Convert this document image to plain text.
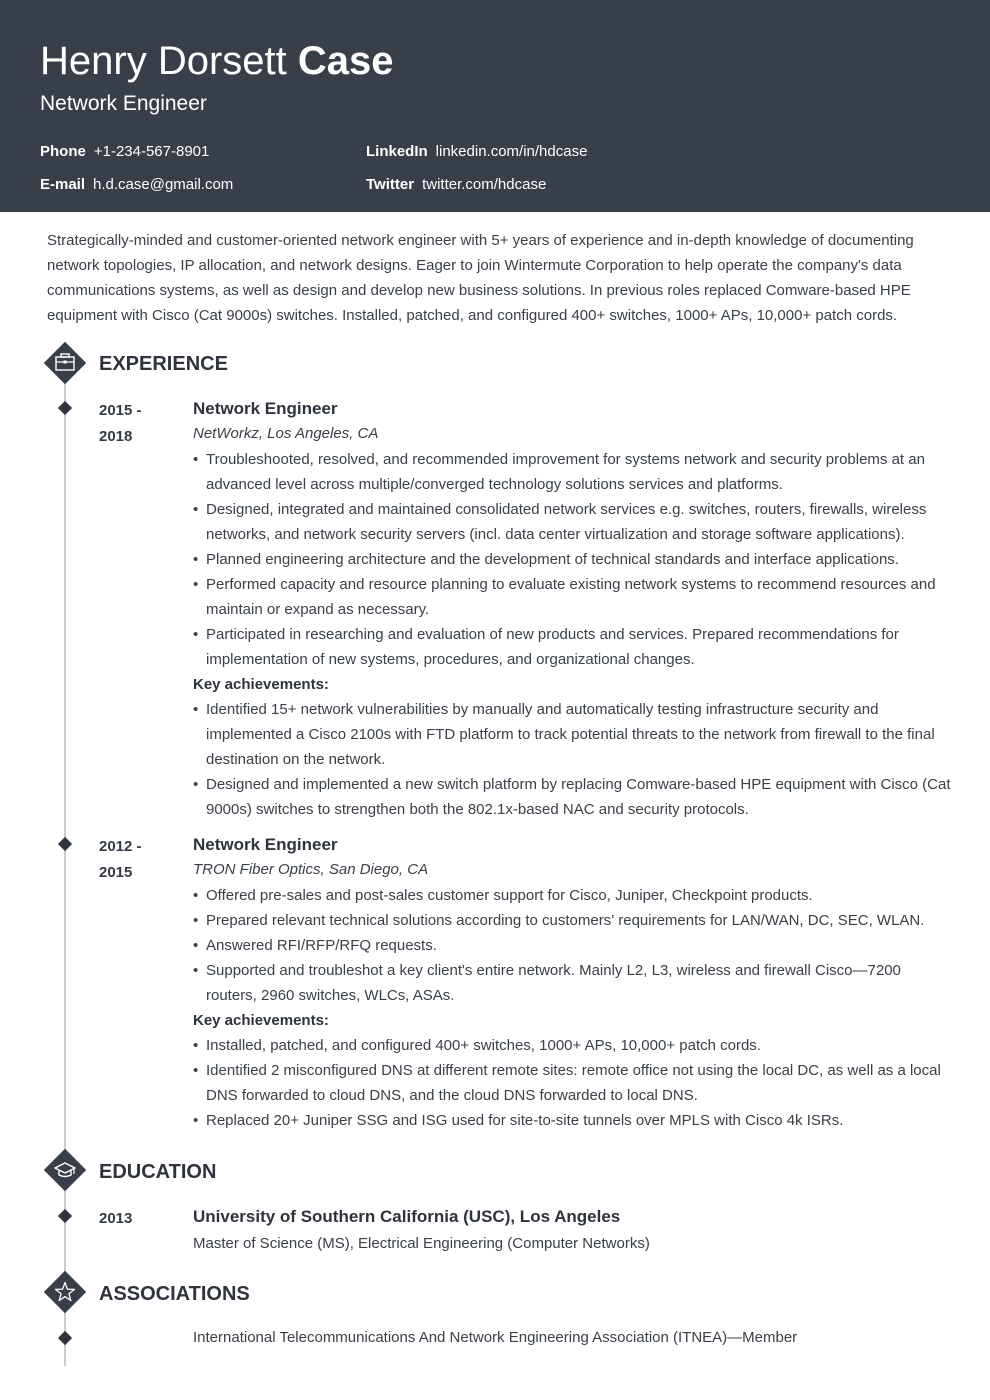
Henry Dorsett Case
Network Engineer
Phone +1-234-567-8901
E-mail h.d.case@gmail.com
LinkedIn linkedin.com/in/hdcase
Twitter twitter.com/hdcase
Strategically-minded and customer-oriented network engineer with 5+ years of experience and in-depth knowledge of documenting network topologies, IP allocation, and network designs. Eager to join Wintermute Corporation to help operate the company's data communications systems, as well as design and develop new business solutions. In previous roles replaced Comware-based HPE equipment with Cisco (Cat 9000s) switches. Installed, patched, and configured 400+ switches, 1000+ APs, 10,000+ patch cords.
EXPERIENCE
2015 - 2018
Network Engineer
NetWorkz, Los Angeles, CA
• Troubleshooted, resolved, and recommended improvement for systems network and security problems at an advanced level across multiple/converged technology solutions services and platforms.
• Designed, integrated and maintained consolidated network services e.g. switches, routers, firewalls, wireless networks, and network security servers (incl. data center virtualization and storage software applications).
• Planned engineering architecture and the development of technical standards and interface applications.
• Performed capacity and resource planning to evaluate existing network systems to recommend resources and maintain or expand as necessary.
• Participated in researching and evaluation of new products and services. Prepared recommendations for implementation of new systems, procedures, and organizational changes.
Key achievements:
• Identified 15+ network vulnerabilities by manually and automatically testing infrastructure security and implemented a Cisco 2100s with FTD platform to track potential threats to the network from firewall to the final destination on the network.
• Designed and implemented a new switch platform by replacing Comware-based HPE equipment with Cisco (Cat 9000s) switches to strengthen both the 802.1x-based NAC and security protocols.
2012 - 2015
Network Engineer
TRON Fiber Optics, San Diego, CA
• Offered pre-sales and post-sales customer support for Cisco, Juniper, Checkpoint products.
• Prepared relevant technical solutions according to customers' requirements for LAN/WAN, DC, SEC, WLAN.
• Answered RFI/RFP/RFQ requests.
• Supported and troubleshot a key client's entire network. Mainly L2, L3, wireless and firewall Cisco—7200 routers, 2960 switches, WLCs, ASAs.
Key achievements:
• Installed, patched, and configured 400+ switches, 1000+ APs, 10,000+ patch cords.
• Identified 2 misconfigured DNS at different remote sites: remote office not using the local DC, as well as a local DNS forwarded to cloud DNS, and the cloud DNS forwarded to local DNS.
• Replaced 20+ Juniper SSG and ISG used for site-to-site tunnels over MPLS with Cisco 4k ISRs.
EDUCATION
2013	University of Southern California (USC), Los Angeles
Master of Science (MS), Electrical Engineering (Computer Networks)
ASSOCIATIONS
International Telecommunications And Network Engineering Association (ITNEA)—Member
